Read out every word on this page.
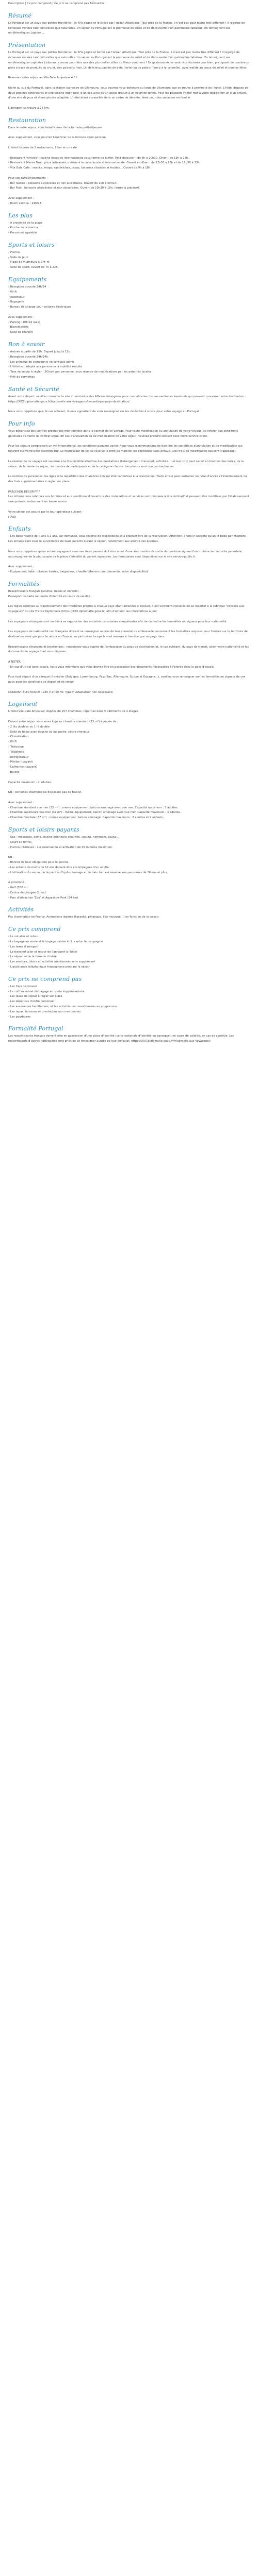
Description | Ce prix comprend | Ce prix ne comprend pas Formalités

Résumé

Le Portugal est un pays aux petites frontières : le N°à gagné et le Brésil par l'océan Atlantique. Tout près de la France, il n'est pas pour moins très différent ! Il regorge de richesses variées tant culturelles que naturelles. Un séjour au Portugal est la promesse de soleil et de découverte d'un patrimoine fabuleux. En témoignent ses emblématiques Lapides ...

Présentation

Le Portugal est un pays aux petites frontières : le N°à gagné et bordé par l'océan Atlantique. Tout près de la France, il n'est est pas moins très différent ! Il regorge de richesses variées tant culturelles que naturelles. Un séjour au Portugal est la promesse de soleil et de découverte d'un patrimoine fabuleux. En témoignent ses emblématiques capitales Lisbonne, connue pour être une des plus belles villes du Vieux continent ! Sa gastronomie se veut réconfortante pas bien, pratiquant de nombreux plats à base de produits du cru et, des poissons frais. Un délicieux pastéis de bela (tarte) ou de pateis (fam-y à la cannelle), avec walidé au creux du soleil et bonnes fêtes.

Réservez votre séjour au Vila Gale Ampalvar 4 * !

Niché au sud du Portugal, dans la station balnéaire de Vilamoura, vous pourrez vous détendre au large de Vilamoura que se trouve à proximité de l'hôtel. L'hôtel dispose de deux piscines extérieures et une piscine intérieure, d'un spa ainsi qu'un accès gratuit à un court de tennis. Pour les passants l'hôtel met à votre disposition un club enfant, d'une aire de jeux et d'une piscine adaptée. L'hôtel étant accessible dans un cadre de détente, idéal pour des vacances en famille.

L'aéroport se trouve à 25 km.

Restauration

Dans le votre séjour, vous bénéficierez de la formule petit-déjeuner.

Avec supplément, vous pourrez bénéficier de la formule demi-pension.

L'hôtel dispose de 2 restaurants, 1 bar et un café :

- Restaurant 'Arrivée' : cuisine locale et internationale sous forme de buffet. Petit-déjeuner : de 8h à 10h30. Dîner : de 19h à 22h.
- Restaurant Massa Fina : pizza artisanale, cuisine à la carte locale et internationale. Ouvert en dîner : de 12h30 à 15h et de 19h30 à 23h.
- Vila Gale Cafe : snacks, wraps, sandwiches, tapas, boissons chaudes et froides... Ouvert de 9h à 18h.

Pour vos rafraîchissements :
- Bar Tasties : boissons alcoolisées et non alcoolisées. Ouvert de 10h à minuit.
- Bar Pool : boissons alcoolisées et non alcoolisées. Ouvert de 10h30 à 18h, (durée à préciser).

Avec supplément :
- Room service : 24h/24.

Les plus

- À proximité de la plage
- Proche de la marina
- Personnel agréable

Sports et loisirs

- Piscine
- Salle de jeux
- Plage de Vilamoura à 275 m
- Salle de sport, ouvert de 7h à 22h.

Equipements

- Réception ouverte 24h/24
- Wi-Fi
- Ascenseur
- Bagagerie
- Bureau de change pour voitures électriques

Avec supplément :
- Parking (10€/24 max)
- Blanchisserie
- Salle de réunion

Bon à savoir

- Arrivée à partir de 15h. Départ jusqu'à 12h.
- Réception ouverte 24h/24h.
- Les animaux de compagnie ne sont pas admis
- L'hôtel est adapté aux personnes à mobilité réduite
- Taxe de séjour à régler : 2€/nuit par personne, sous réserve de modifications par les autorités locales.
- Prêt de serviettes

Santé et Sécurité

Avant votre départ, veuillez consulter le site du ministère des Affaires étrangères pour connaître les risques sanitaires éventuels qui peuvent concerner votre destination : https://XXX.diplomatie.gouv.fr/fr/conseils-aux-voyageurs/conseils-par-pays-destination/

Nous vous rappelons que, le cas échéant, il vous appartient de vous renseigner sur les modalités à suivre pour votre voyage au Portugal.

Pour info

Vous bénéficiez des contres-prestations mentionnées dans le contrat de ce voyage, Pour toute modification ou annulation de votre voyage, se référer aux conditions générales de vente du contrat signé. En cas d'annulation ou de modification de votre séjour, veuillez prendre contact avec notre service client.

Pour les séjours comprenant un vol international, les conditions peuvent varier. Nous vous recommandons de bien lire les conditions d'annulation et de modification qui figurent sur votre billet électronique. Le fournisseur de vol se réserve le droit de modifier les conditions sans préavis. Des frais de modification peuvent s'appliquer.

La réalisation du voyage est soumise à la disponibilité effective des prestations (hébergement, transport, activités...) et leur prix peut varier en fonction des dates, de la saison, de la durée du séjour, du nombre de participants et de la catégorie choisie. Les photos sont non contractuelles.

Le nombre de personnes, les âges et la répartition des chambres doivent être conformes à la réservation. Toute erreur peut entraîner un refus d'accès à l'établissement ou des frais supplémentaires à régler sur place.

PRÉCISION DESCRIPTIF
Les informations relatives aux horaires et aux conditions d'ouverture des installations et services sont données à titre indicatif et peuvent être modifiées par l'établissement sans préavis, notamment en basse saison.

Votre séjour est assuré par le tour-opérateur suivant :
ITAKA

Enfants

- Lits bébé fournis de 0 ans à 2 ans, sur demande, sous réserve de disponibilité et à préciser lors de la réservation. Attention, l'hôtel n'accepte qu'un lit bébé par chambre. Les enfants sont sous la surveillance de leurs parents durant le séjour, notamment aux abords des piscines.

Nous vous rappelons qu'un enfant voyageant sans ses deux parents doit être muni d'une autorisation de sortie du territoire signée d'un titulaire de l'autorité parentale, accompagnée de la photocopie de la pièce d'identité du parent signataire. Les formulaires sont disponibles sur le site service-public.fr.

Avec supplément :
- Équipement bébé : chaises hautes, baignoires, chauffe-biberons (sur demande, selon disponibilité)

Formalités

Ressortissants français (adultes, bébés et enfants) :
Passeport ou carte nationale d'identité en cours de validité.

Les règles relatives au franchissement des frontières propres à chaque pays étant amenées à évoluer, il est vivement conseillé de se reporter à la rubrique "conseils aux voyageurs" du site France Diplomatie (https://XXX.diplomatie.gouv.fr) afin d'obtenir les informations à jour.

Les voyageurs étrangers sont invités à se rapprocher des autorités consulaires compétentes afin de connaître les formalités en vigueur pour leur nationalité.

Les voyageurs de nationalité non française doivent se renseigner auprès de leur consulat ou ambassade concernant les formalités requises pour l'entrée sur le territoire de destination ainsi que pour le retour en France, en particulier lorsqu'ils sont amenés à transiter par un pays tiers.

Ressortissants étrangers et binationaux : renseignez-vous auprès de l'ambassade du pays de destination et, le cas échéant, du pays de transit, selon votre nationalité et les documents de voyage dont vous disposez.

À NOTER :
- En cas d'un vol avec escale, nous vous informons que vous devrez être en possession des documents nécessaires à l'entrée dans le pays d'escale.

Pour tout départ d'un aéroport frontalier (Belgique, Luxembourg, Pays-Bas, Allemagne, Suisse et Espagne...), veuillez vous renseigner sur les formalités en vigueur de ces pays pour les conditions de départ et de retour.

COURANT ÉLECTRIQUE : 230 V et 50 Hz. Type F. Adaptateur non nécessaire.

Logement

L'hôtel Vila Gale Ampalvar dispose de 257 chambres, réparties dans 5 bâtiments de 4 étages.

Durant votre séjour vous serez logé en chambre standard (23 m²) équipée de :
- 2 lits doubles ou 1 lit double
- Salle de bains avec douche ou baignoire, sèche-cheveux
- Climatisation
- Wi-Fi
- Télévision
- Téléphone
- Réfrigérateur
- Minibar (payant)
- Coffre-fort (payant)
- Balcon

Capacité maximum : 2 adultes.

NB : certaines chambres ne disposent pas de balcon.

Avec supplément :
- Chambre standard vue mer (23 m²) : même équipement, balcon aménagé avec vue mer. Capacité maximum : 3 adultes.
- Chambre supérieure vue mer (32 m²) : même équipement, balcon aménagé avec vue mer. Capacité maximum : 3 adultes.
- Chambre familiale (37 m²) : même équipement, balcon aménagé. Capacité maximum : 2 adultes et 2 enfants.

Sports et loisirs payants

- Spa : massages, soins, piscine intérieure chauffée, jacuzzi, hammam, sauna...
- Court de tennis
- Piscine intérieure : sur réservation et activation de 45 minutes maximum.

NB :
- Bonnet de bain obligatoire pour la piscine.
- Les enfants de moins de 12 ans doivent être accompagnés d'un adulte.
- L'utilisation du sauna, de la piscine d'hydromassage et du bain turc est réservé aux personnes de 16 ans et plus.

À proximité :
- Golf (350 m)
- Centre de plongée (2 km)
- Parc d'attraction 'Zoo' et Aquashow Park (24 km)

Activités

Pas d'animation en France. Animations légères (karaoké, pétanque, live musique...) en fonction de la saison.

Ce prix comprend

- Le vol aller et retour
- Le bagage en soute et le bagage cabine inclus selon la compagnie
- Les taxes d'aéroport
- Le transfert aller et retour de l'aéroport à l'hôtel
- Le séjour selon la formule choisie
- Les services, loisirs et activités mentionnés sans supplément
- L'assistance téléphonique francophone pendant le séjour

Ce prix ne comprend pas

- Les frais de dossier
- Le coût éventuel du bagage en soute supplémentaire
- Les taxes de séjour à régler sur place
- Les dépenses d'ordre personnel
- Les assurances facultatives, et les activités non mentionnées au programme
- Les repas, boissons et prestations non mentionnés
- Les pourboires

Formalité Portugal

Les ressortissants français doivent être en possession d'une pièce d'identité (carte nationale d'identité ou passeport) en cours de validité, en cas de contrôle. Les ressortissants d'autres nationalités sont priés de se renseigner auprès de leur consulat. https://XXX.diplomatie.gouv.fr/fr/conseils-aux-voyageurs/
